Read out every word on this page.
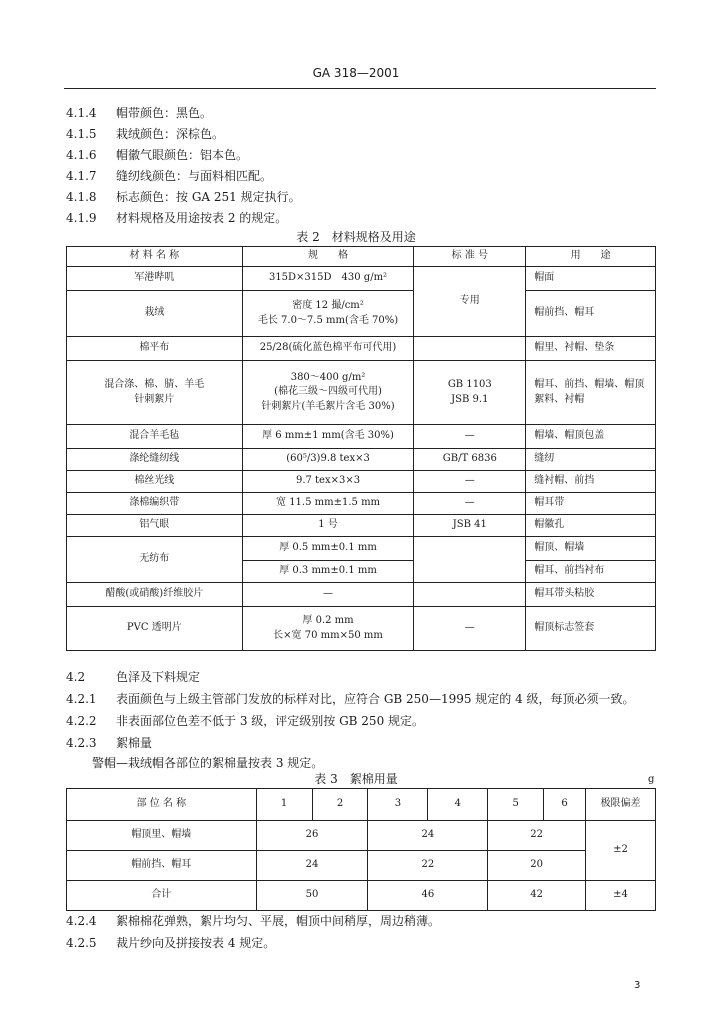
GA 318—2001
4.1.4 帽带颜色：黑色。
4.1.5 栽绒颜色：深棕色。
4.1.6 帽徽气眼颜色：铝本色。
4.1.7 缝纫线颜色：与面料相匹配。
4.1.8 标志颜色：按 GA 251 规定执行。
4.1.9 材料规格及用途按表 2 的规定。
表 2　材料规格及用途
材 料 名 称	规　　格	标 准 号	用　　途

军港哔叽	315D×315D　430 g/m²	专用	帽面

栽绒	密度 12 撮/cm²
毛长 7.0～7.5 mm(含毛 70%)		帽前挡、帽耳

棉平布	25/28(硫化蓝色棉平布可代用)		帽里、衬帽、垫条

混合涤、棉、腈、羊毛
针刺絮片	380～400 g/m²
(棉花三级～四级可代用)
针刺絮片(羊毛絮片含毛 30%)	GB 1103
JSB 9.1	帽耳、前挡、帽墙、帽顶
絮料、衬帽

混合羊毛毡	厚 6 mm±1 mm(含毛 30%)	—	帽墙、帽顶包盖

涤纶缝纫线	(60⁵/3)9.8 tex×3	GB/T 6836	缝纫

棉丝光线	9.7 tex×3×3	—	缝衬帽、前挡

涤棉编织带	宽 11.5 mm±1.5 mm	—	帽耳带

铝气眼	1 号	JSB 41	帽徽孔

无纺布	厚 0.5 mm±0.1 mm		帽顶、帽墙

	厚 0.3 mm±0.1 mm		帽耳、前挡衬布

醋酸(或硝酸)纤维胶片	—		帽耳带头粘胶

PVC 透明片	厚 0.2 mm
长×宽 70 mm×50 mm	—	帽顶标志签套
4.2	色泽及下料规定
4.2.1 表面颜色与上级主管部门发放的标样对比，应符合 GB 250—1995 规定的 4 级，每顶必须一致。
4.2.2 非表面部位色差不低于 3 级，评定级别按 GB 250 规定。
4.2.3 絮棉量
警帽—栽绒帽各部位的絮棉量按表 3 规定。
表 3　絮棉用量	g
部 位 名 称	1	2	3	4	5	6	极限偏差
帽顶里、帽墙	26		24		22		±2
帽前挡、帽耳	24		22		20		
合计	50		46		42		±4
4.2.4 絮棉棉花弹熟，絮片均匀、平展，帽顶中间稍厚，周边稍薄。
4.2.5 裁片纱向及拼接按表 4 规定。
3
